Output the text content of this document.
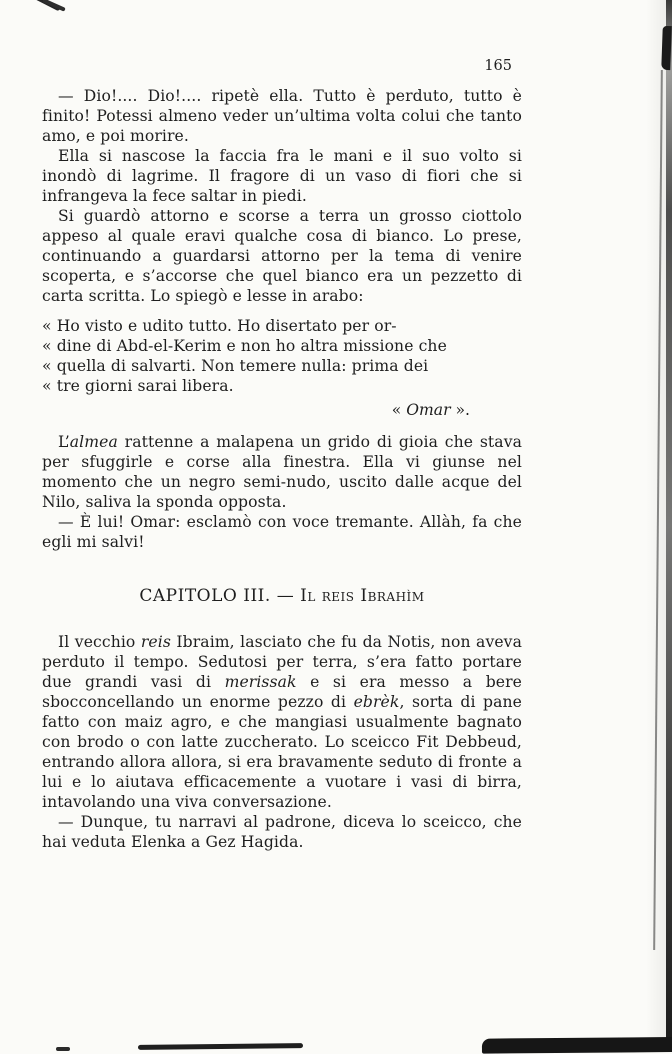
165

— Dio!.... Dio!.... ripetè ella. Tutto è perduto, tutto è finito! Potessi almeno veder un’ultima volta colui che tanto amo, e poi morire.

Ella si nascose la faccia fra le mani e il suo volto si inondò di lagrime. Il fragore di un vaso di fiori che si infrangeva la fece saltar in piedi.

Si guardò attorno e scorse a terra un grosso ciottolo appeso al quale eravi qualche cosa di bianco. Lo prese, continuando a guardarsi attorno per la tema di venire scoperta, e s’accorse che quel bianco era un pezzetto di carta scritta. Lo spiegò e lesse in arabo:

« Ho visto e udito tutto. Ho disertato per or-
« dine di Abd-el-Kerim e non ho altra missione che
« quella di salvarti. Non temere nulla: prima dei
« tre giorni sarai libera.
« Omar ».

L’almea rattenne a malapena un grido di gioia che stava per sfuggirle e corse alla finestra. Ella vi giunse nel momento che un negro semi-nudo, uscito dalle acque del Nilo, saliva la sponda opposta.

— È lui! Omar: esclamò con voce tremante. Allàh, fa che egli mi salvi!

CAPITOLO III. — Il reis Ibrahìm

Il vecchio reis Ibraim, lasciato che fu da Notis, non aveva perduto il tempo. Sedutosi per terra, s’era fatto portare due grandi vasi di merissak e si era messo a bere sbocconcellando un enorme pezzo di ebrèk, sorta di pane fatto con maiz agro, e che mangiasi usualmente bagnato con brodo o con latte zuccherato. Lo sceicco Fit Debbeud, entrando allora allora, si era bravamente seduto di fronte a lui e lo aiutava efficacemente a vuotare i vasi di birra, intavolando una viva conversazione.

— Dunque, tu narravi al padrone, diceva lo sceicco, che hai veduta Elenka a Gez Hagida.
